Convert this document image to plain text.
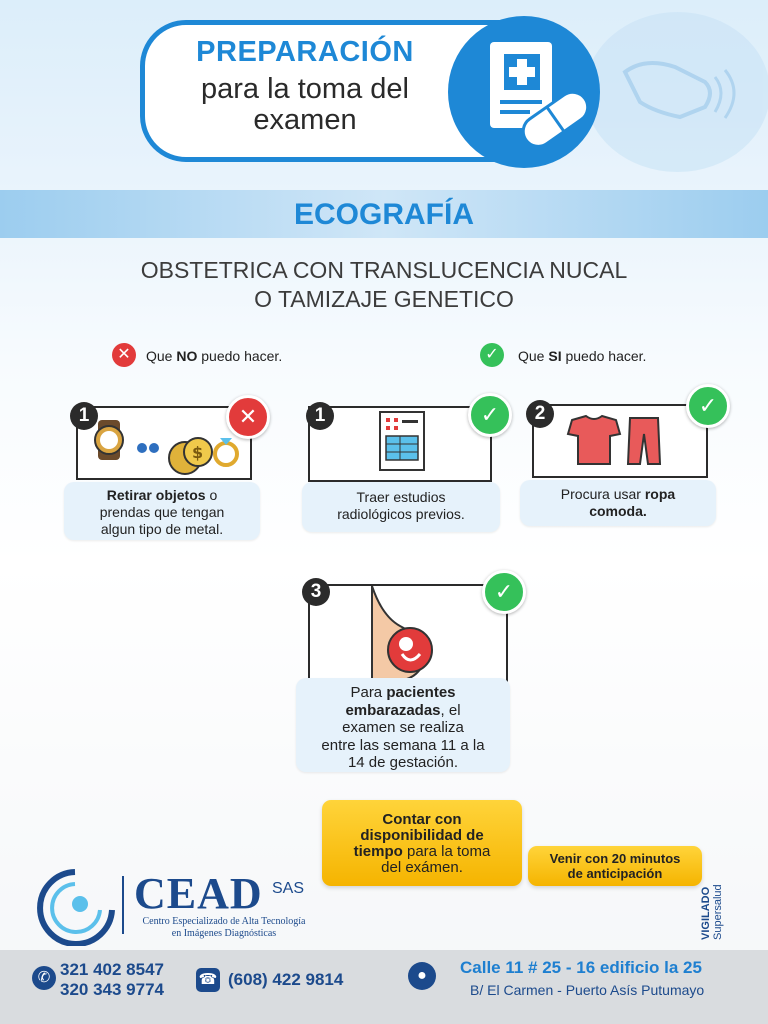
PREPARACIÓN
para la toma del
examen
ECOGRAFÍA
OBSTETRICA CON TRANSLUCENCIA NUCAL
O TAMIZAJE GENETICO
✕	Que NO puedo hacer.	✓	Que SI puedo hacer.
$
1	✕
Retirar objetos o
prendas que tengan
algun tipo de metal.
1	✓
Traer estudios
radiológicos previos.
2	✓
Procura usar ropa
comoda.
3	✓
Para pacientes
embarazadas, el
examen se realiza
entre las semana 11 a la
14 de gestación.
Contar con
disponibilidad de
tiempo para la toma
del exámen.
Venir con 20 minutos
de anticipación
VIGILADO Supersalud
CEAD SAS
Centro Especializado de Alta Tecnología
en Imágenes Diagnósticas
✆ 321 402 8547
320 343 9774
☎ (608) 422 9814	●	Calle 11 # 25 - 16 edificio la 25
B/ El Carmen - Puerto Asís Putumayo
